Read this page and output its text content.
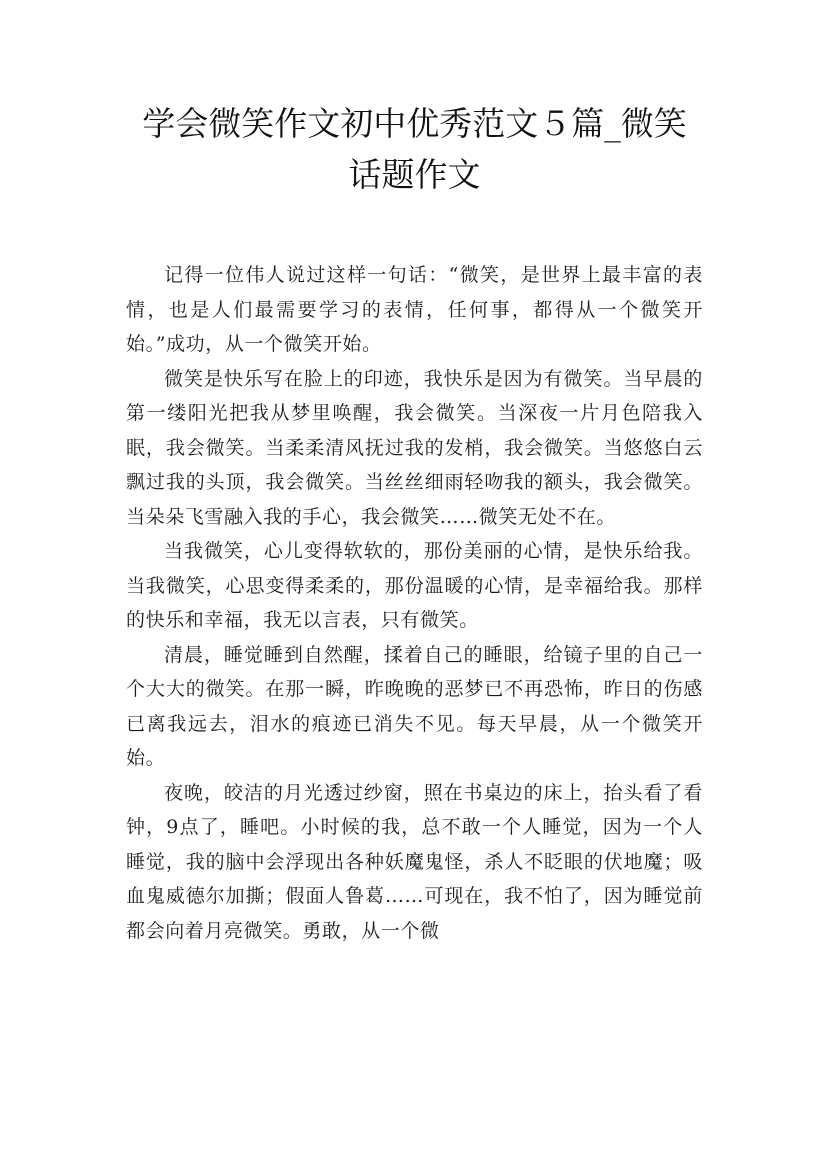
学会微笑作文初中优秀范文５篇_微笑话题作文

记得一位伟人说过这样一句话：“微笑，是世界上最丰富的表情，也是人们最需要学习的表情，任何事，都得从一个微笑开始。”成功，从一个微笑开始。

微笑是快乐写在脸上的印迹，我快乐是因为有微笑。当早晨的第一缕阳光把我从梦里唤醒，我会微笑。当深夜一片月色陪我入眠，我会微笑。当柔柔清风抚过我的发梢，我会微笑。当悠悠白云飘过我的头顶，我会微笑。当丝丝细雨轻吻我的额头，我会微笑。当朵朵飞雪融入我的手心，我会微笑……微笑无处不在。

当我微笑，心儿变得软软的，那份美丽的心情，是快乐给我。当我微笑，心思变得柔柔的，那份温暖的心情，是幸福给我。那样的快乐和幸福，我无以言表，只有微笑。

清晨，睡觉睡到自然醒，揉着自己的睡眼，给镜子里的自己一个大大的微笑。在那一瞬，昨晚晚的恶梦已不再恐怖，昨日的伤感已离我远去，泪水的痕迹已消失不见。每天早晨，从一个微笑开始。

夜晚，皎洁的月光透过纱窗，照在书桌边的床上，抬头看了看钟，9点了，睡吧。小时候的我，总不敢一个人睡觉，因为一个人睡觉，我的脑中会浮现出各种妖魔鬼怪，杀人不眨眼的伏地魔；吸血鬼威德尔加撕；假面人鲁葛……可现在，我不怕了，因为睡觉前都会向着月亮微笑。勇敢，从一个微
